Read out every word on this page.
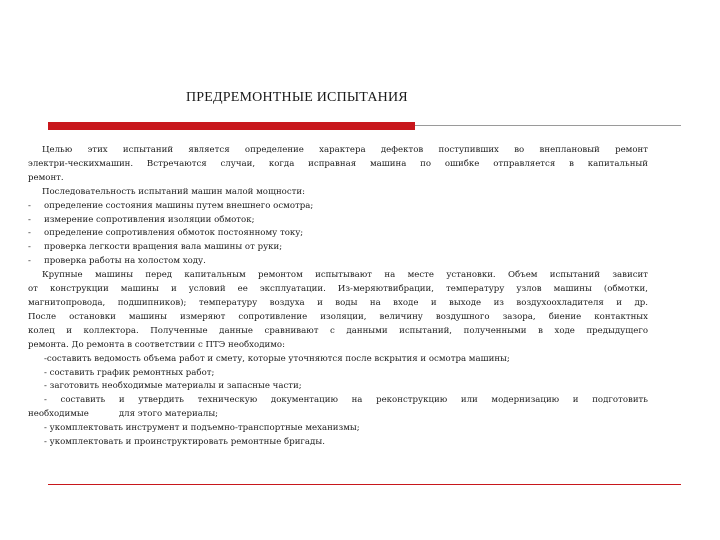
ПРЕДРЕМОНТНЫЕ ИСПЫТАНИЯ

Целью этих испытаний является определение характера дефектов поступивших во внеплановый ремонт

электри-ческихмашин. Встречаются случаи, когда исправная машина по ошибке отправляется в капитальный

ремонт.

Последовательность испытаний машин малой мощности:

-	определение состояния машины путем внешнего осмотра;
-	измерение сопротивления изоляции обмоток;
-	определение сопротивления обмоток постоянному току;
-	проверка легкости вращения вала машины от руки;
-	проверка работы на холостом ходу.

Крупные машины перед капитальным ремонтом испытывают на месте установки. Объем испытаний зависит

от конструкции машины и условий ее эксплуатации. Из-меряютвибрации, температуру узлов машины (обмотки,

магнитопровода, подшипников); температуру воздуха и воды на входе и выходе из воздухоохладителя и др.

После остановки машины измеряют сопротивление изоляции, величину воздушного зазора, биение контактных

колец и коллектора. Полученные данные сравнивают с данными испытаний, полученными в ходе предыдущего

ремонта. До ремонта в соответствии с ПТЭ необходимо:

-составить ведомость объема работ и смету, которые уточняются после вскрытия и осмотра машины;

- составить график ремонтных работ;

- заготовить необходимые материалы и запасные части;

- составить и утвердить техническую документацию на реконструкцию или модернизацию и подготовить

необходимые	для этого материалы;

- укомплектовать инструмент и подъемно-транспортные механизмы;

- укомплектовать и проинструктировать ремонтные бригады.
